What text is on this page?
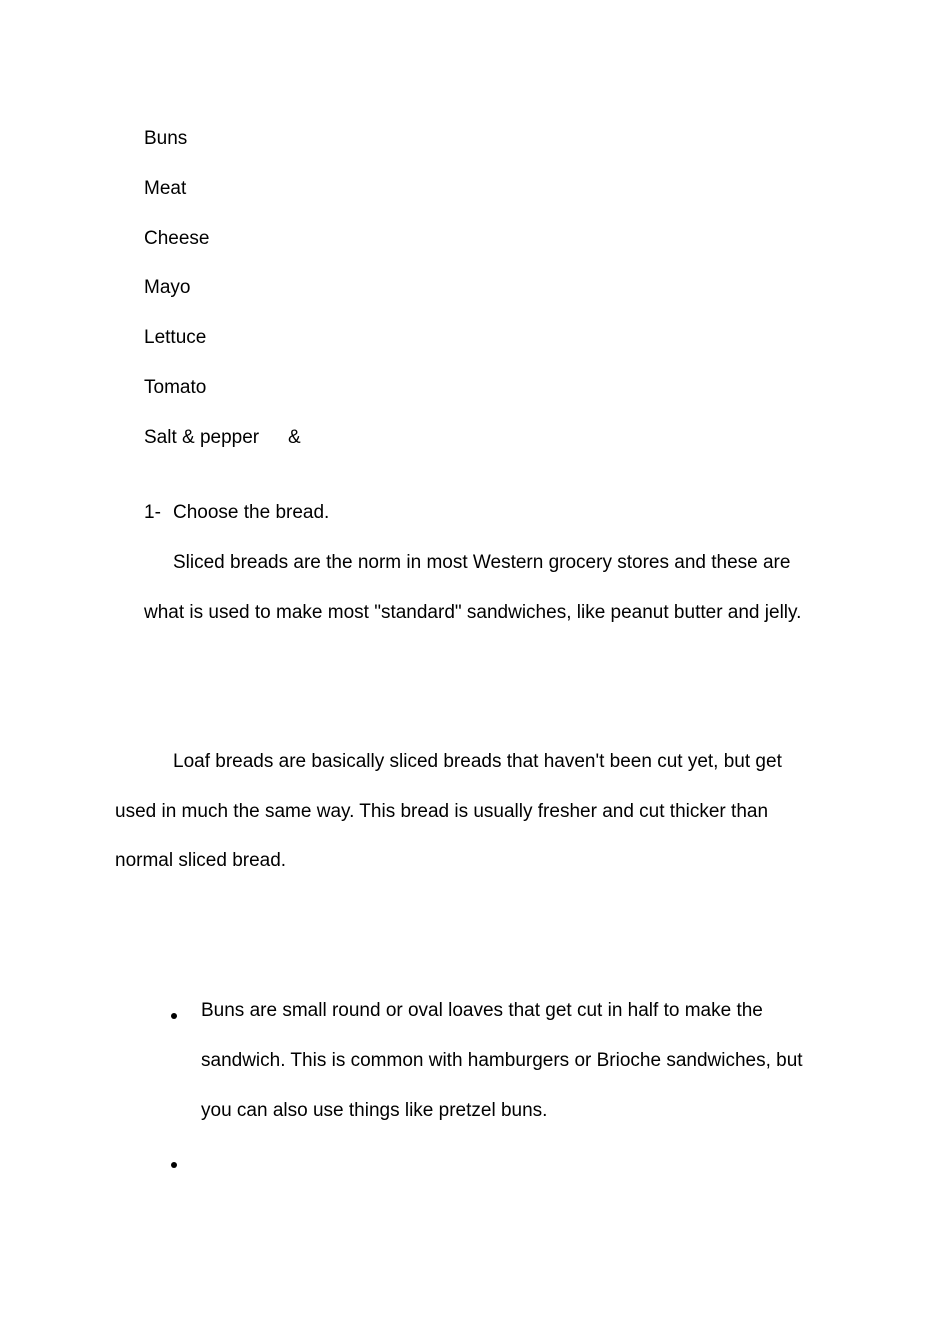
Buns

Meat

Cheese

Mayo

Lettuce

Tomato

Salt & pepper &

1- Choose the bread.

Sliced breads are the norm in most Western grocery stores and these are

what is used to make most "standard" sandwiches, like peanut butter and jelly.

Loaf breads are basically sliced breads that haven't been cut yet, but get

used in much the same way. This bread is usually fresher and cut thicker than

normal sliced bread.

Buns are small round or oval loaves that get cut in half to make the

sandwich. This is common with hamburgers or Brioche sandwiches, but

you can also use things like pretzel buns.
